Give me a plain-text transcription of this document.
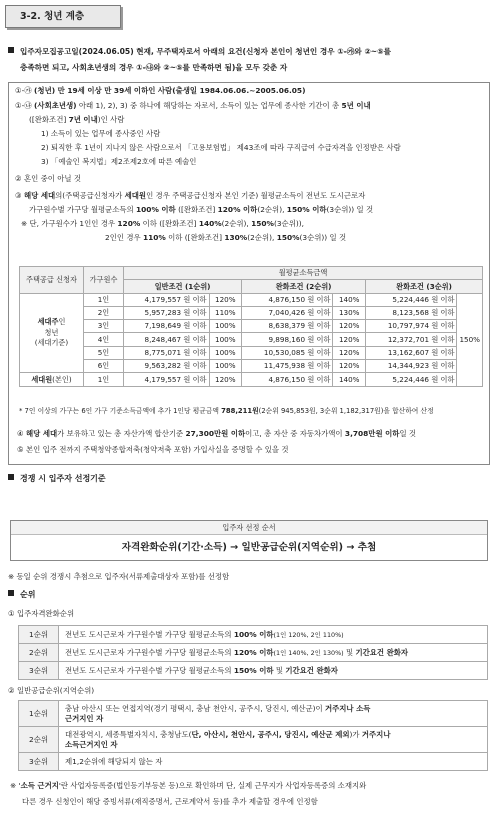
3-2. 청년 계층
입주자모집공고일(2024.06.05) 현재, 무주택자로서 아래의 요건(신청자 본인이 청년인 경우 ①-㉮와 ②~⑤를
충족하면 되고, 사회초년생의 경우 ①-㉯와 ②~⑤를 만족하면 됨)을 모두 갖춘 자

①-㉮ (청년) 만 19세 이상 만 39세 이하인 사람(출생일 1984.06.06.~2005.06.05)

①-㉯ (사회초년생) 아래 1), 2), 3) 중 하나에 해당하는 자로서, 소득이 있는 업무에 종사한 기간이 총 5년 이내

([완화조건] 7년 이내)인 사람

1) 소득이 있는 업무에 종사중인 사람

2) 퇴직한 후 1년이 지나지 않은 사람으로서 「고용보험법」 제43조에 따라 구직급여 수급자격을 인정받은 사람

3) 「예술인 복지법」제2조제2호에 따른 예술인

② 혼인 중이 아닐 것

③ 해당 세대의(주택공급신청자가 세대원인 경우 주택공급신청자 본인 기준) 월평균소득이 전년도 도시근로자

가구원수별 가구당 월평균소득의 100% 이하 ([완화조건] 120% 이하(2순위), 150% 이하(3순위)) 일 것

※ 단, 가구원수가 1인인 경우 120% 이하 ([완화조건] 140%(2순위), 150%(3순위)),

2인인 경우 110% 이하 ([완화조건] 130%(2순위), 150%(3순위)) 일 것

주택공급 신청자	가구원수	월평균소득금액					
		일반조건 (1순위)		완화조건 (2순위)		완화조건 (3순위)	
세대주인
청년
(세대기준)	1인	4,179,557 원 이하	120%	4,876,150 원 이하	140%	5,224,446 원 이하	150%
	2인	5,957,283 원 이하	110%	7,040,426 원 이하	130%	8,123,568 원 이하	
	3인	7,198,649 원 이하	100%	8,638,379 원 이하	120%	10,797,974 원 이하	
	4인	8,248,467 원 이하	100%	9,898,160 원 이하	120%	12,372,701 원 이하	
	5인	8,775,071 원 이하	100%	10,530,085 원 이하	120%	13,162,607 원 이하	
	6인	9,563,282 원 이하	100%	11,475,938 원 이하	120%	14,344,923 원 이하	
세대원(본인)	1인	4,179,557 원 이하	120%	4,876,150 원 이하	140%	5,224,446 원 이하	

* 7인 이상의 가구는 6인 가구 기준소득금액에 추가 1인당 평균금액 788,211원(2순위 945,853원, 3순위 1,182,317원)을 합산하여 산정

④ 해당 세대가 보유하고 있는 총 자산가액 합산기준 27,300만원 이하이고, 총 자산 중 자동차가액이 3,708만원 이하일 것

⑤ 본인 입주 전까지 주택청약종합저축(청약저축 포함) 가입사실을 증명할 수 있을 것

경쟁 시 입주자 선정기준
입주자 선정 순서
자격완화순위(기간·소득) → 일반공급순위(지역순위) → 추첨

※ 동일 순위 경쟁시 추첨으로 입주자(서류제출대상자 포함)를 선정함

순위

① 입주자격완화순위

1순위	전년도 도시근로자 가구원수별 가구당 월평균소득의 100% 이하(1인 120%, 2인 110%)
2순위	전년도 도시근로자 가구원수별 가구당 월평균소득의 120% 이하(1인 140%, 2인 130%) 및 기간요건 완화자
3순위	전년도 도시근로자 가구원수별 가구당 월평균소득의 150% 이하 및 기간요건 완화자

② 일반공급순위(지역순위)

1순위	충남 아산시 또는 연접지역(경기 평택시, 충남 천안시, 공주시, 당진시, 예산군)이 거주지나 소득
근거지인 자
2순위	대전광역시, 세종특별자치시, 충청남도(단, 아산시, 천안시, 공주시, 당진시, 예산군 제외)가 거주지나
소득근거지인 자
3순위	제1,2순위에 해당되지 않는 자

※ '소득 근거지'란 사업자등록증(법인등기부등본 등)으로 확인하며 단, 실제 근무지가 사업자등록증의 소재지와

다른 경우 신청인이 해당 증빙서류(재직증명서, 근로계약서 등)를 추가 제출할 경우에 인정함
